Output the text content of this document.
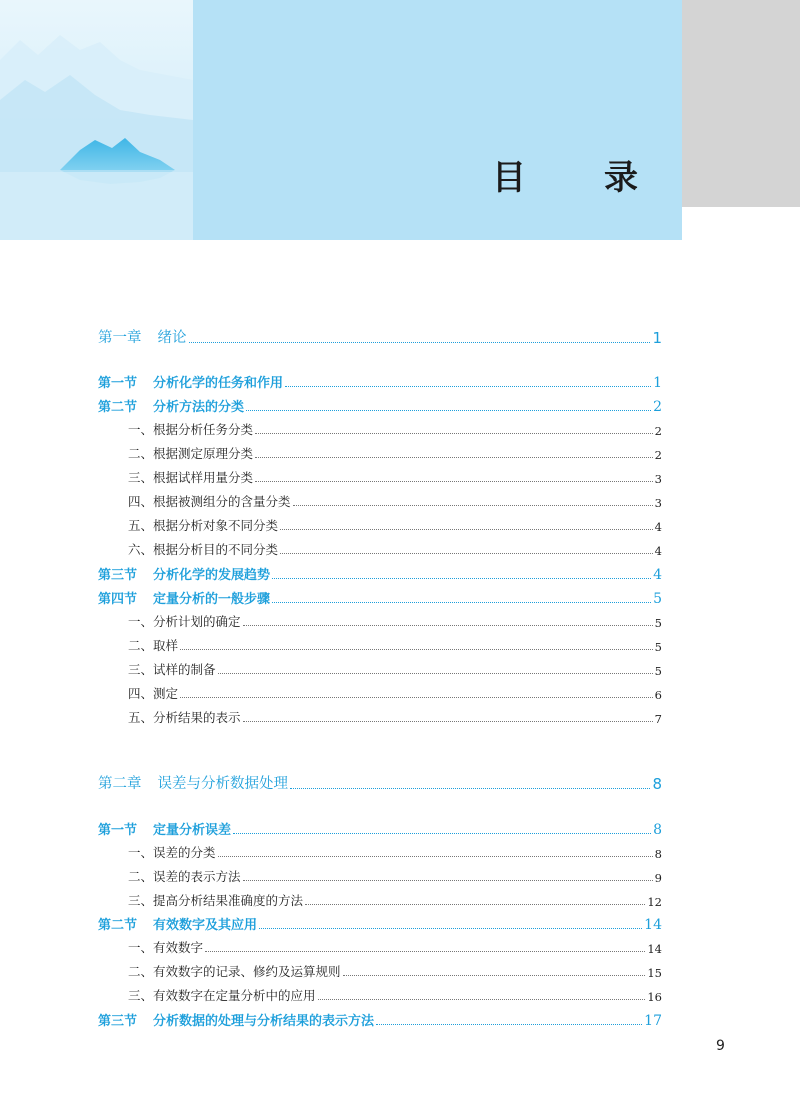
目　录
第一章 绪论	1
第一节 分析化学的任务和作用	1
第二节 分析方法的分类	2
一、根据分析任务分类	2
二、根据测定原理分类	2
三、根据试样用量分类	3
四、根据被测组分的含量分类	3
五、根据分析对象不同分类	4
六、根据分析目的不同分类	4
第三节 分析化学的发展趋势	4
第四节 定量分析的一般步骤	5
一、分析计划的确定	5
二、取样	5
三、试样的制备	5
四、测定	6
五、分析结果的表示	7
第二章 误差与分析数据处理	8
第一节 定量分析误差	8
一、误差的分类	8
二、误差的表示方法	9
三、提高分析结果准确度的方法	12
第二节 有效数字及其应用	14
一、有效数字	14
二、有效数字的记录、修约及运算规则	15
三、有效数字在定量分析中的应用	16
第三节 分析数据的处理与分析结果的表示方法	17
9
